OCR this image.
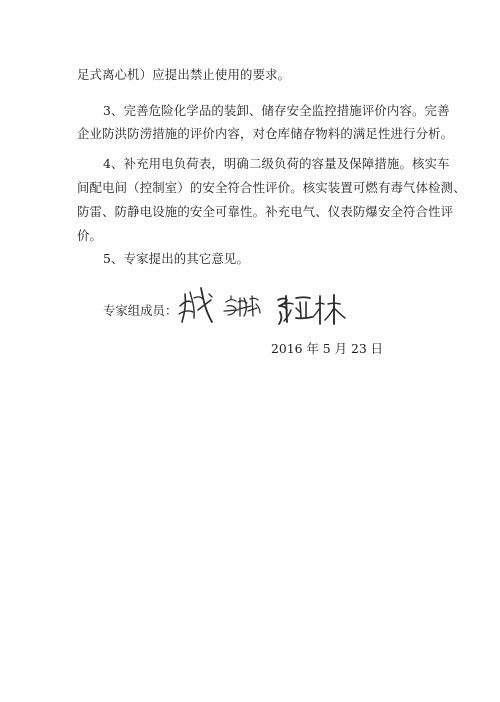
足式离心机）应提出禁止使用的要求。
3、完善危险化学品的装卸、储存安全监控措施评价内容。完善
企业防洪防涝措施的评价内容，对仓库储存物料的满足性进行分析。
4、补充用电负荷表，明确二级负荷的容量及保障措施。核实车
间配电间（控制室）的安全符合性评价。核实装置可燃有毒气体检测、
防雷、防静电设施的安全可靠性。补充电气、仪表防爆安全符合性评
价。
5、专家提出的其它意见。
专家组成员：
2016 年 5 月 23 日
